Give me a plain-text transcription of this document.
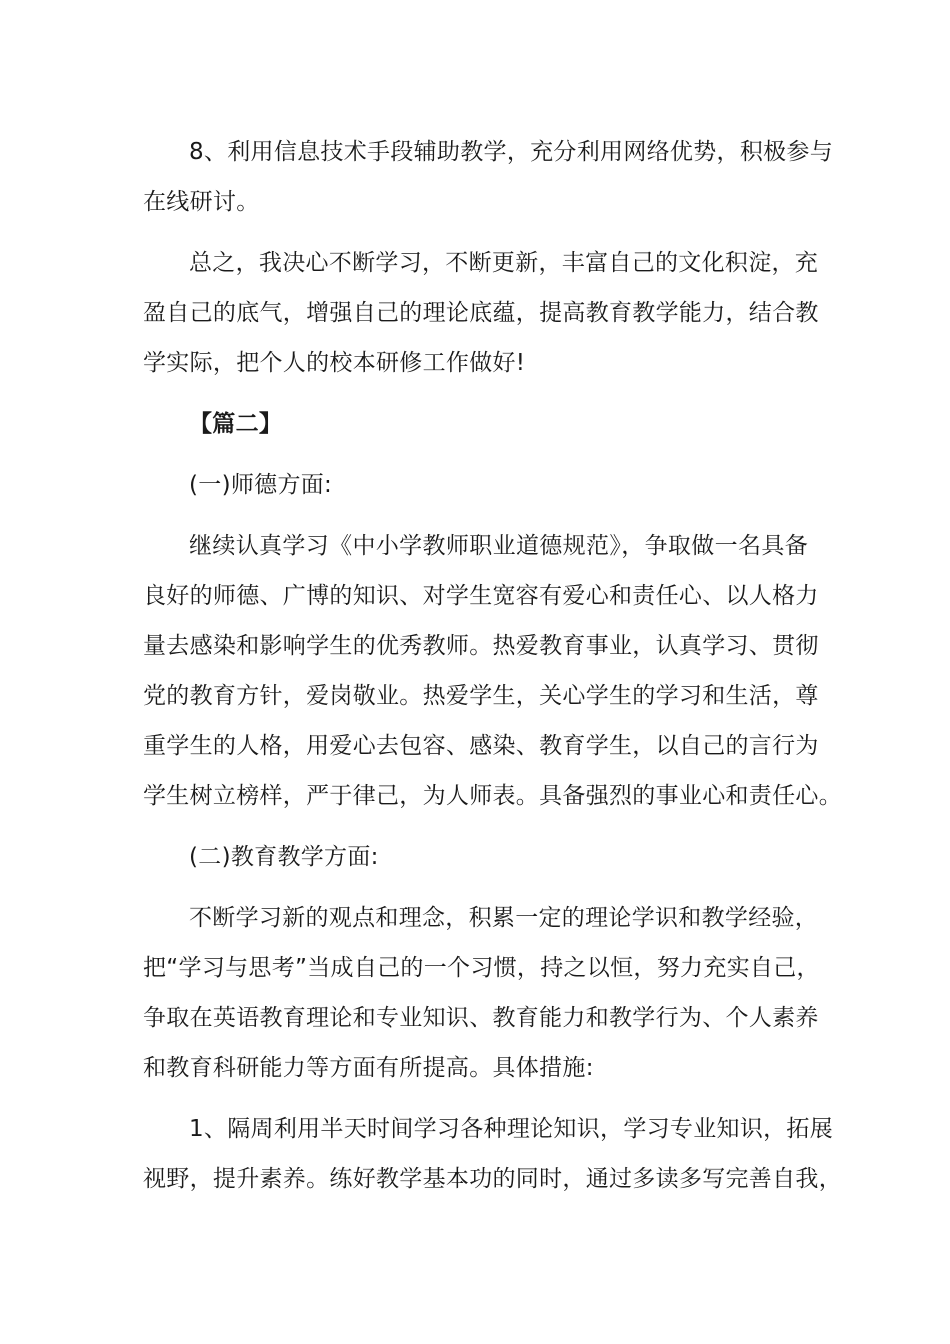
8、利用信息技术手段辅助教学，充分利用网络优势，积极参与
在线研讨。
总之，我决心不断学习，不断更新，丰富自己的文化积淀，充
盈自己的底气，增强自己的理论底蕴，提高教育教学能力，结合教
学实际，把个人的校本研修工作做好!
【篇二】
(一)师德方面:
继续认真学习《中小学教师职业道德规范》，争取做一名具备
良好的师德、广博的知识、对学生宽容有爱心和责任心、以人格力
量去感染和影响学生的优秀教师。热爱教育事业，认真学习、贯彻
党的教育方针，爱岗敬业。热爱学生，关心学生的学习和生活，尊
重学生的人格，用爱心去包容、感染、教育学生，以自己的言行为
学生树立榜样，严于律己，为人师表。具备强烈的事业心和责任心。
(二)教育教学方面:
不断学习新的观点和理念，积累一定的理论学识和教学经验，
把“学习与思考”当成自己的一个习惯，持之以恒，努力充实自己，
争取在英语教育理论和专业知识、教育能力和教学行为、个人素养
和教育科研能力等方面有所提高。具体措施:
1、隔周利用半天时间学习各种理论知识，学习专业知识，拓展
视野，提升素养。练好教学基本功的同时，通过多读多写完善自我，
